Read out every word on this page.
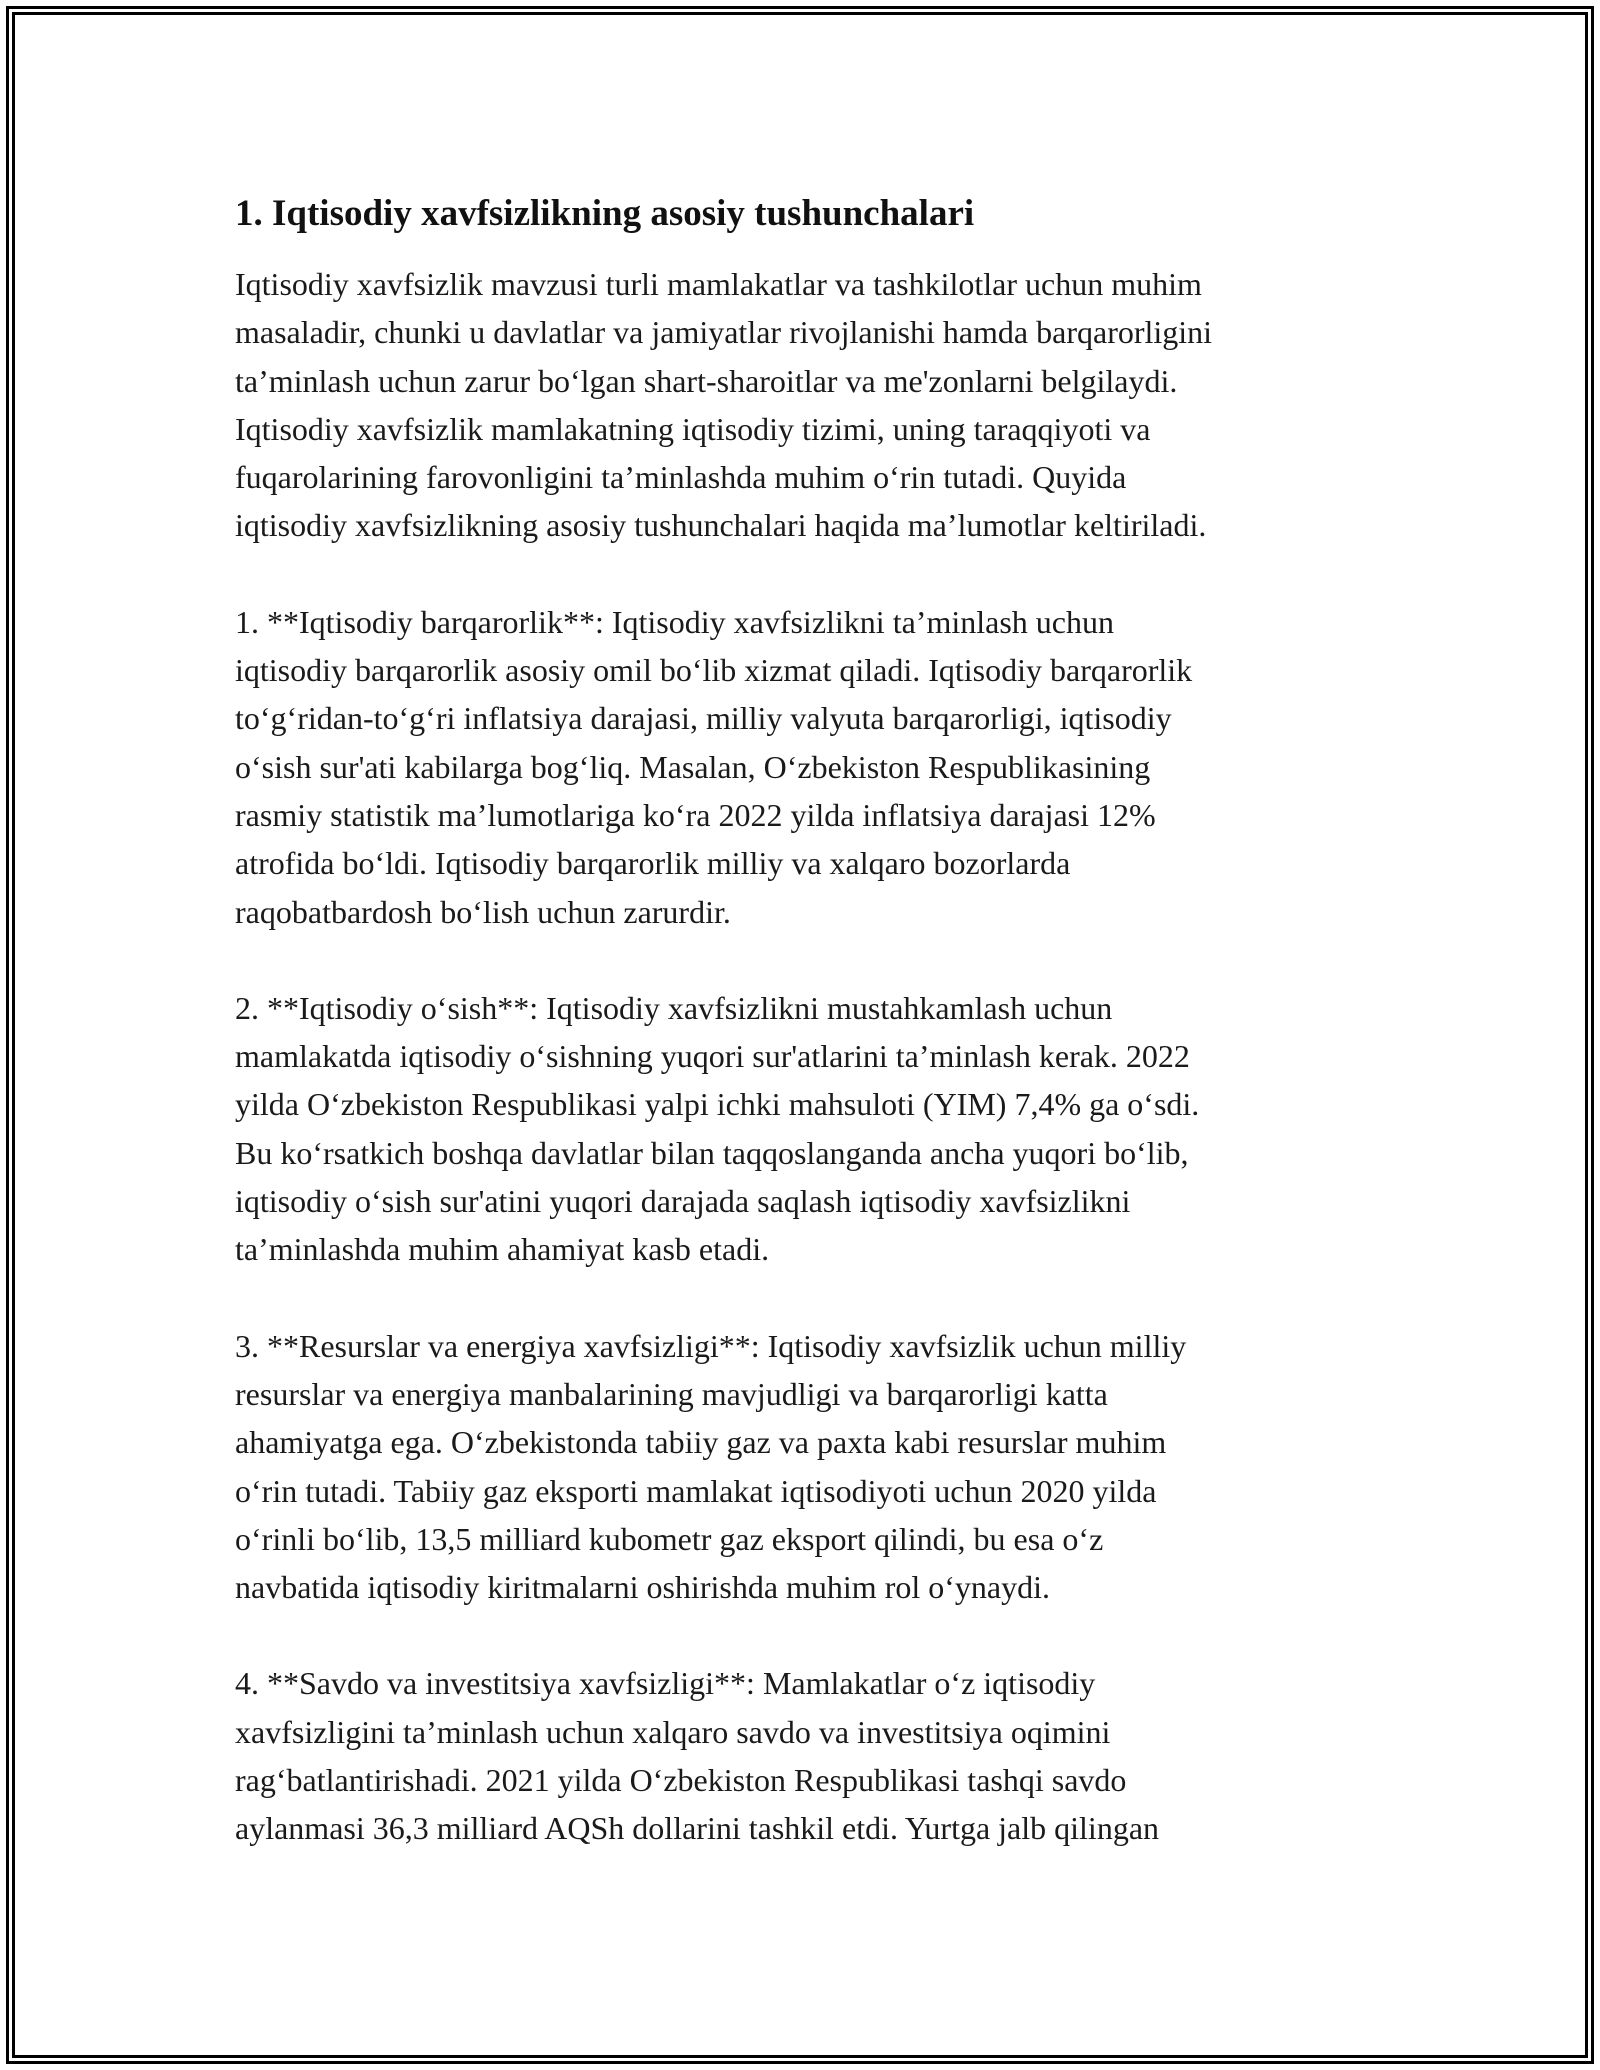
1. Iqtisodiy xavfsizlikning asosiy tushunchalari

Iqtisodiy xavfsizlik mavzusi turli mamlakatlar va tashkilotlar uchun muhim
masaladir, chunki u davlatlar va jamiyatlar rivojlanishi hamda barqarorligini
ta’minlash uchun zarur bo‘lgan shart-sharoitlar va me'zonlarni belgilaydi.
Iqtisodiy xavfsizlik mamlakatning iqtisodiy tizimi, uning taraqqiyoti va
fuqarolarining farovonligini ta’minlashda muhim o‘rin tutadi. Quyida
iqtisodiy xavfsizlikning asosiy tushunchalari haqida ma’lumotlar keltiriladi.

1. **Iqtisodiy barqarorlik**: Iqtisodiy xavfsizlikni ta’minlash uchun
iqtisodiy barqarorlik asosiy omil bo‘lib xizmat qiladi. Iqtisodiy barqarorlik
to‘g‘ridan-to‘g‘ri inflatsiya darajasi, milliy valyuta barqarorligi, iqtisodiy
o‘sish sur'ati kabilarga bog‘liq. Masalan, O‘zbekiston Respublikasining
rasmiy statistik ma’lumotlariga ko‘ra 2022 yilda inflatsiya darajasi 12%
atrofida bo‘ldi. Iqtisodiy barqarorlik milliy va xalqaro bozorlarda
raqobatbardosh bo‘lish uchun zarurdir.

2. **Iqtisodiy o‘sish**: Iqtisodiy xavfsizlikni mustahkamlash uchun
mamlakatda iqtisodiy o‘sishning yuqori sur'atlarini ta’minlash kerak. 2022
yilda O‘zbekiston Respublikasi yalpi ichki mahsuloti (YIM) 7,4% ga o‘sdi.
Bu ko‘rsatkich boshqa davlatlar bilan taqqoslanganda ancha yuqori bo‘lib,
iqtisodiy o‘sish sur'atini yuqori darajada saqlash iqtisodiy xavfsizlikni
ta’minlashda muhim ahamiyat kasb etadi.

3. **Resurslar va energiya xavfsizligi**: Iqtisodiy xavfsizlik uchun milliy
resurslar va energiya manbalarining mavjudligi va barqarorligi katta
ahamiyatga ega. O‘zbekistonda tabiiy gaz va paxta kabi resurslar muhim
o‘rin tutadi. Tabiiy gaz eksporti mamlakat iqtisodiyoti uchun 2020 yilda
o‘rinli bo‘lib, 13,5 milliard kubometr gaz eksport qilindi, bu esa o‘z
navbatida iqtisodiy kiritmalarni oshirishda muhim rol o‘ynaydi.

4. **Savdo va investitsiya xavfsizligi**: Mamlakatlar o‘z iqtisodiy
xavfsizligini ta’minlash uchun xalqaro savdo va investitsiya oqimini
rag‘batlantirishadi. 2021 yilda O‘zbekiston Respublikasi tashqi savdo
aylanmasi 36,3 milliard AQSh dollarini tashkil etdi. Yurtga jalb qilingan
